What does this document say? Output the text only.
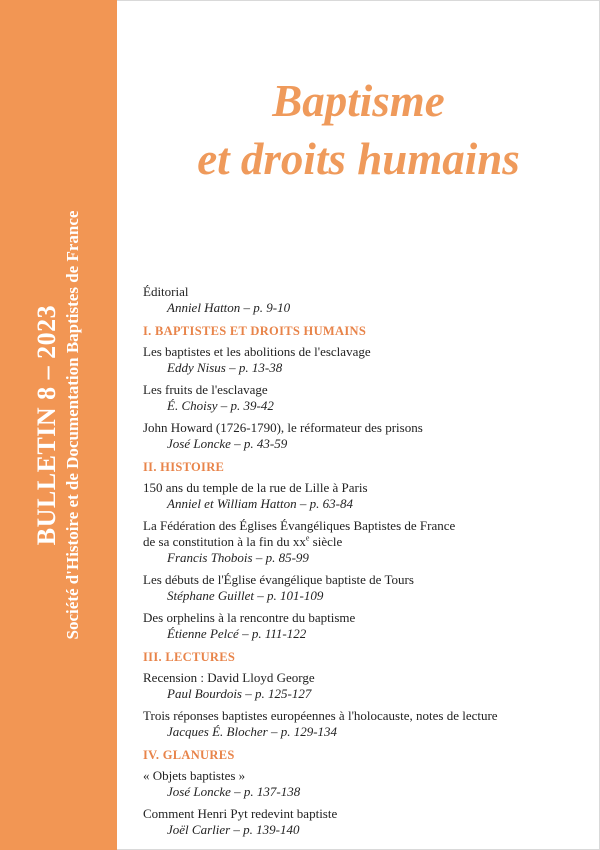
BULLETIN 8 – 2023 Société d'Histoire et de Documentation Baptistes de France
Baptisme
et droits humains
Éditorial
Anniel Hatton – p. 9-10
I. BAPTISTES ET DROITS HUMAINS
Les baptistes et les abolitions de l'esclavage
Eddy Nisus – p. 13-38
Les fruits de l'esclavage
É. Choisy – p. 39-42
John Howard (1726-1790), le réformateur des prisons
José Loncke – p. 43-59
II. HISTOIRE
150 ans du temple de la rue de Lille à Paris
Anniel et William Hatton – p. 63-84
La Fédération des Églises Évangéliques Baptistes de France
de sa constitution à la fin du $xx^e$ siècle
Francis Thobois – p. 85-99
Les débuts de l'Église évangélique baptiste de Tours
Stéphane Guillet – p. 101-109
Des orphelins à la rencontre du baptisme
Étienne Pelcé – p. 111-122
III. LECTURES
Recension : David Lloyd George
Paul Bourdois – p. 125-127
Trois réponses baptistes européennes à l'holocauste, notes de lecture
Jacques É. Blocher – p. 129-134
IV. GLANURES
« Objets baptistes »
José Loncke – p. 137-138
Comment Henri Pyt redevint baptiste
Joël Carlier – p. 139-140
